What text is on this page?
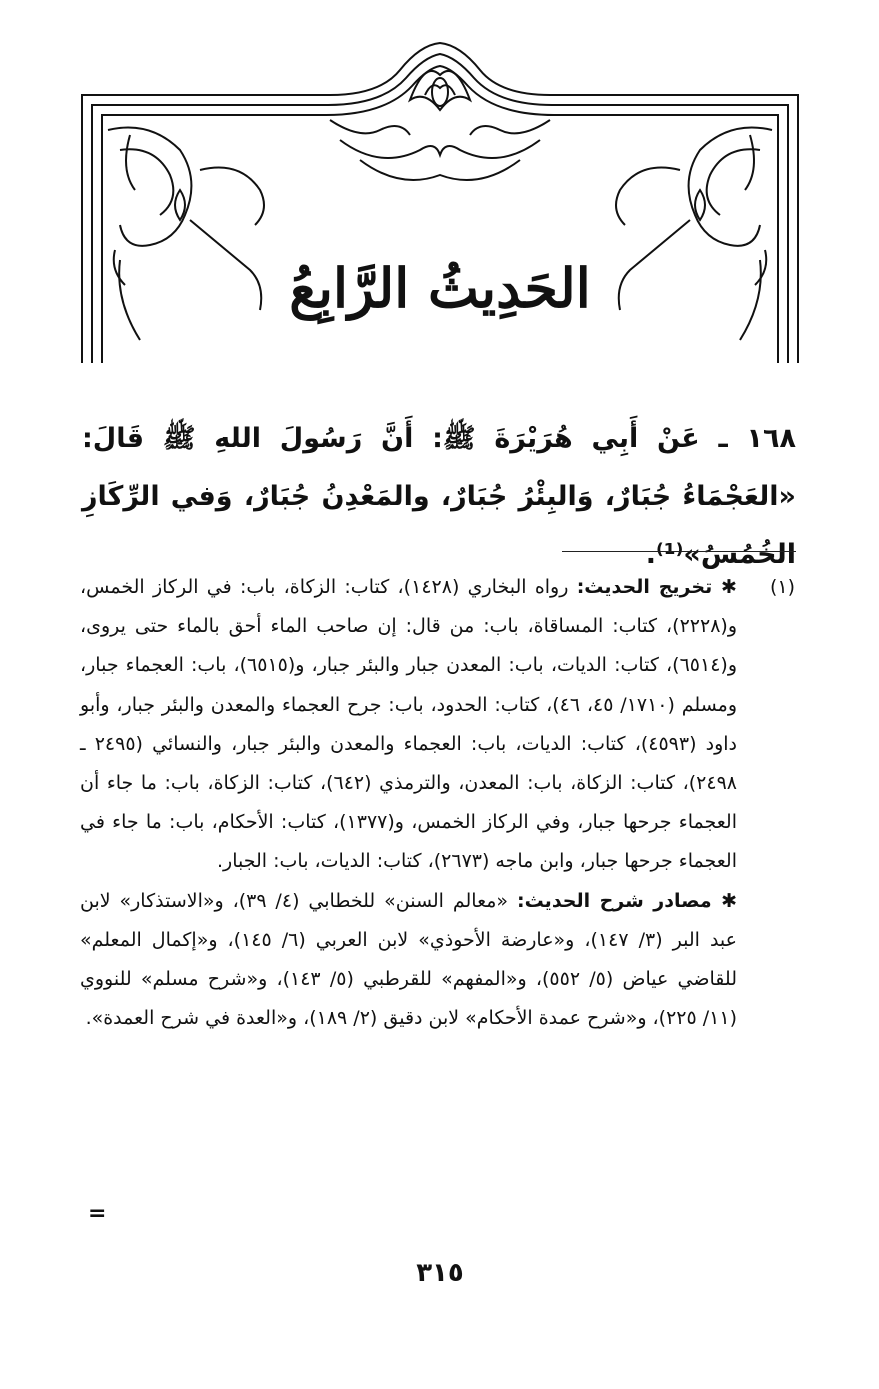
الحَدِيثُ الرَّابِعُ

١٦٨ ـ عَنْ أَبِي هُرَيْرَةَ ﷺ: أَنَّ رَسُولَ اللهِ ﷺ قَالَ: «العَجْمَاءُ جُبَارٌ، وَالبِئْرُ جُبَارٌ، والمَعْدِنُ جُبَارٌ، وَفي الرِّكَازِ الخُمُسُ»⁽¹⁾.

(١)

✱ تخريج الحديث: رواه البخاري (١٤٢٨)، كتاب: الزكاة، باب: في الركاز الخمس، و(٢٢٢٨)، كتاب: المساقاة، باب: من قال: إن صاحب الماء أحق بالماء حتى يروى، و(٦٥١٤)، كتاب: الديات، باب: المعدن جبار والبئر جبار، و(٦٥١٥)، باب: العجماء جبار، ومسلم (١٧١٠/ ٤٥، ٤٦)، كتاب: الحدود، باب: جرح العجماء والمعدن والبئر جبار، وأبو داود (٤٥٩٣)، كتاب: الديات، باب: العجماء والمعدن والبئر جبار، والنسائي (٢٤٩٥ ـ ٢٤٩٨)، كتاب: الزكاة، باب: المعدن، والترمذي (٦٤٢)، كتاب: الزكاة، باب: ما جاء أن العجماء جرحها جبار، وفي الركاز الخمس، و(١٣٧٧)، كتاب: الأحكام، باب: ما جاء في العجماء جرحها جبار، وابن ماجه (٢٦٧٣)، كتاب: الديات، باب: الجبار.

✱ مصادر شرح الحديث: «معالم السنن» للخطابي (٤/ ٣٩)، و«الاستذكار» لابن عبد البر (٣/ ١٤٧)، و«عارضة الأحوذي» لابن العربي (٦/ ١٤٥)، و«إكمال المعلم» للقاضي عياض (٥/ ٥٥٢)، و«المفهم» للقرطبي (٥/ ١٤٣)، و«شرح مسلم» للنووي (١١/ ٢٢٥)، و«شرح عمدة الأحكام» لابن دقيق (٢/ ١٨٩)، و«العدة في شرح العمدة».

=
٣١٥
